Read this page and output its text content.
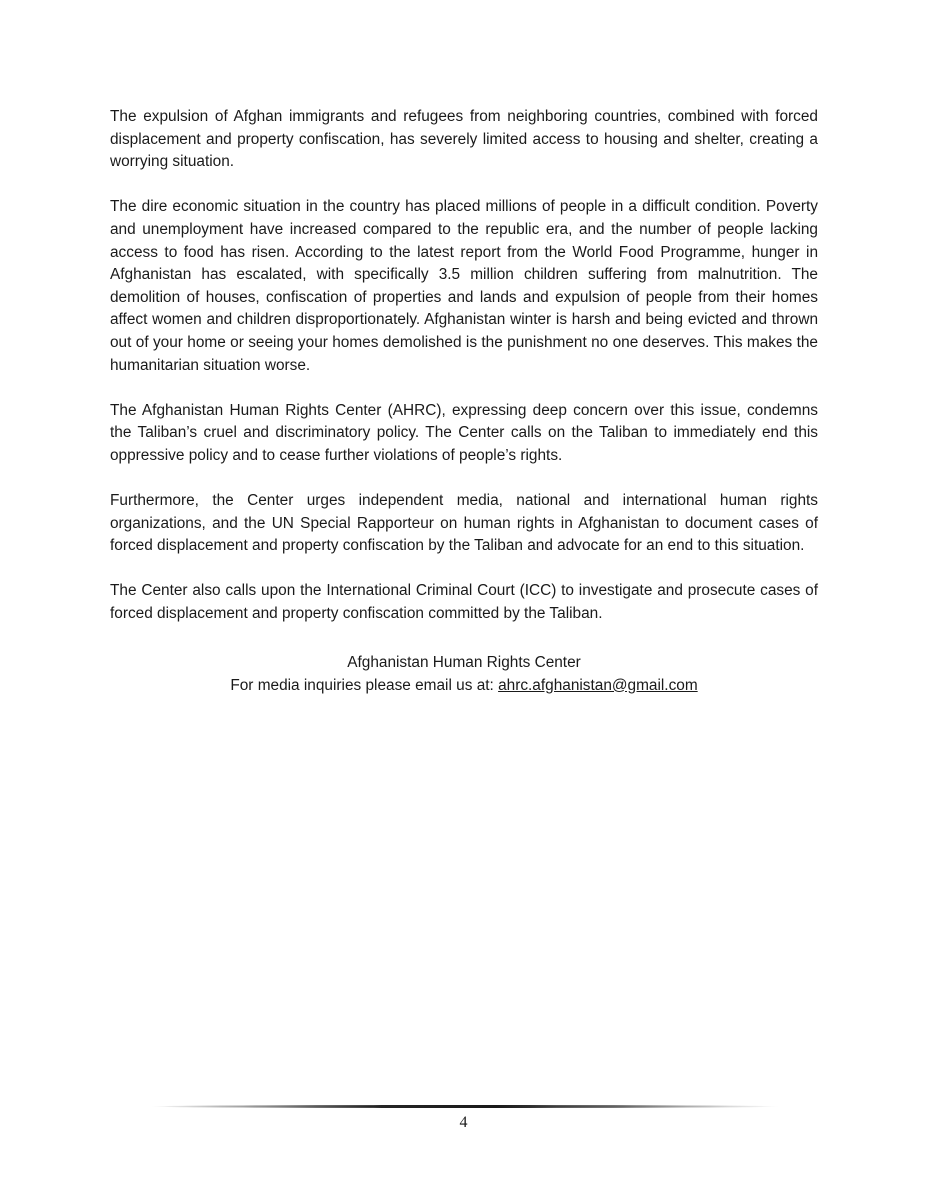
The expulsion of Afghan immigrants and refugees from neighboring countries, combined with forced displacement and property confiscation, has severely limited access to housing and shelter, creating a worrying situation.

The dire economic situation in the country has placed millions of people in a difficult condition. Poverty and unemployment have increased compared to the republic era, and the number of people lacking access to food has risen. According to the latest report from the World Food Programme, hunger in Afghanistan has escalated, with specifically 3.5 million children suffering from malnutrition. The demolition of houses, confiscation of properties and lands and expulsion of people from their homes affect women and children disproportionately. Afghanistan winter is harsh and being evicted and thrown out of your home or seeing your homes demolished is the punishment no one deserves. This makes the humanitarian situation worse.

The Afghanistan Human Rights Center (AHRC), expressing deep concern over this issue, condemns the Taliban’s cruel and discriminatory policy. The Center calls on the Taliban to immediately end this oppressive policy and to cease further violations of people’s rights.

Furthermore, the Center urges independent media, national and international human rights organizations, and the UN Special Rapporteur on human rights in Afghanistan to document cases of forced displacement and property confiscation by the Taliban and advocate for an end to this situation.

The Center also calls upon the International Criminal Court (ICC) to investigate and prosecute cases of forced displacement and property confiscation committed by the Taliban.

Afghanistan Human Rights Center
For media inquiries please email us at: ahrc.afghanistan@gmail.com
4
